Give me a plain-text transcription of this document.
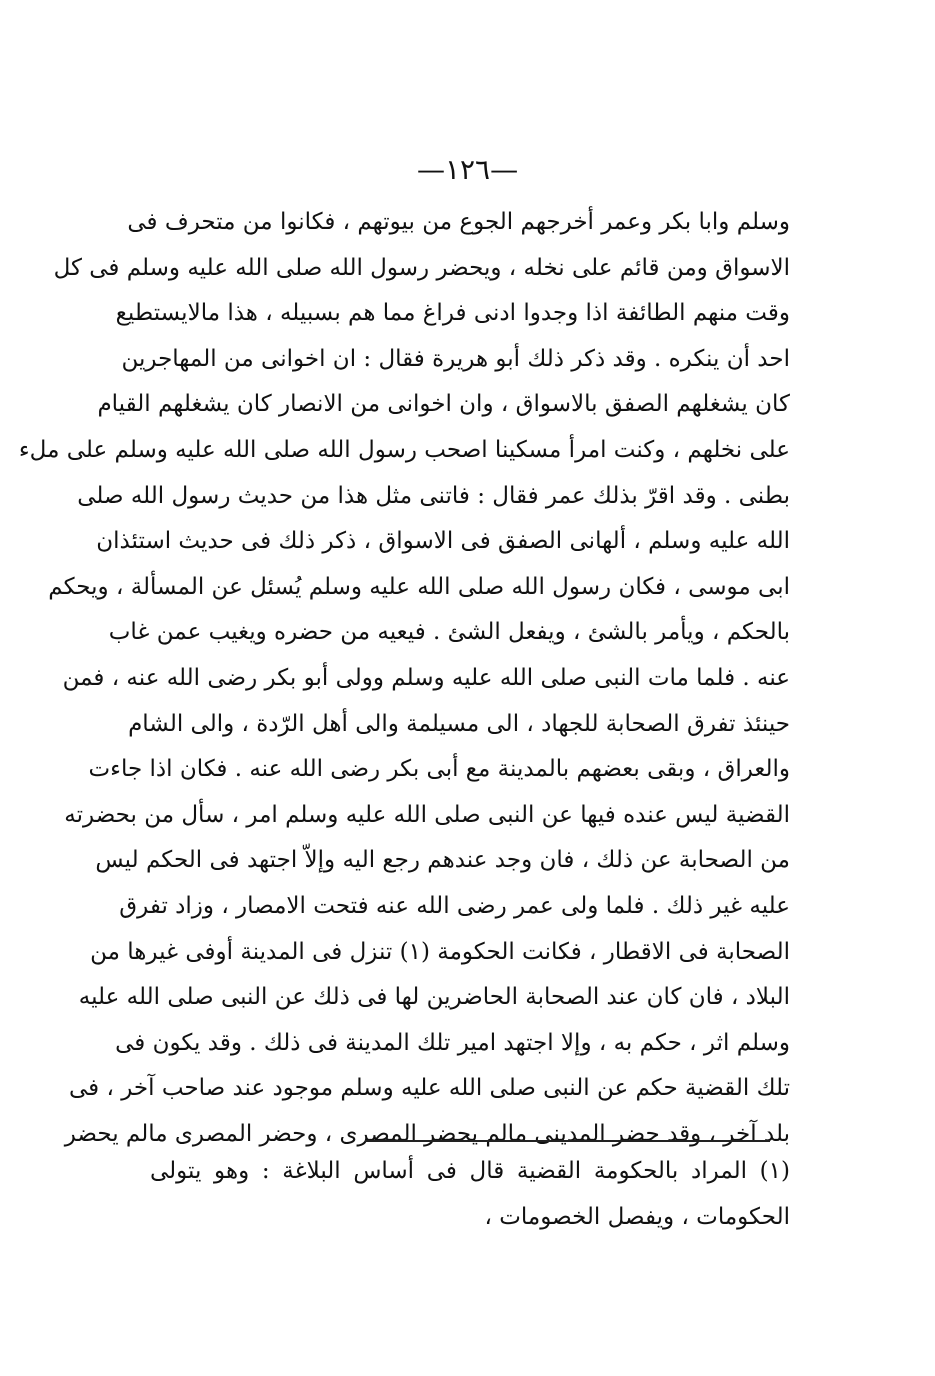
—١٢٦—
وسلم وابا بكر وعمر أخرجهم الجوع من بيوتهم ، فكانوا من متحرف فى
الاسواق ومن قائم على نخله ، ويحضر رسول الله صلى الله عليه وسلم فى كل
وقت منهم الطائفة اذا وجدوا ادنى فراغ مما هم بسبيله ، هذا مالايستطيع
احد أن ينكره . وقد ذكر ذلك أبو هريرة فقال : ان اخوانى من المهاجرين
كان يشغلهم الصفق بالاسواق ، وان اخوانى من الانصار كان يشغلهم القيام
على نخلهم ، وكنت امرأ مسكينا اصحب رسول الله صلى الله عليه وسلم على ملء
بطنى . وقد اقرّ بذلك عمر فقال : فاتنى مثل هذا من حديث رسول الله صلى
الله عليه وسلم ، ألهانى الصفق فى الاسواق ، ذكر ذلك فى حديث استئذان
ابى موسى ، فكان رسول الله صلى الله عليه وسلم يُسئل عن المسألة ، ويحكم
بالحكم ، ويأمر بالشئ ، ويفعل الشئ . فيعيه من حضره ويغيب عمن غاب
عنه . فلما مات النبى صلى الله عليه وسلم وولى أبو بكر رضى الله عنه ، فمن
حينئذ تفرق الصحابة للجهاد ، الى مسيلمة والى أهل الرّدة ، والى الشام
والعراق ، وبقى بعضهم بالمدينة مع أبى بكر رضى الله عنه . فكان اذا جاءت
القضية ليس عنده فيها عن النبى صلى الله عليه وسلم امر ، سأل من بحضرته
من الصحابة عن ذلك ، فان وجد عندهم رجع اليه وإلاّ اجتهد فى الحكم ليس
عليه غير ذلك . فلما ولى عمر رضى الله عنه فتحت الامصار ، وزاد تفرق
الصحابة فى الاقطار ، فكانت الحكومة (١) تنزل فى المدينة أوفى غيرها من
البلاد ، فان كان عند الصحابة الحاضرين لها فى ذلك عن النبى صلى الله عليه
وسلم اثر ، حكم به ، وإلا اجتهد امير تلك المدينة فى ذلك . وقد يكون فى
تلك القضية حكم عن النبى صلى الله عليه وسلم موجود عند صاحب آخر ، فى
بلد آخر ، وقد حضر المدينى مالم يحضر المصرى ، وحضر المصرى مالم يحضر
(١) المراد بالحكومة القضية قال فى أساس البلاغة : وهو يتولى
الحكومات ، ويفصل الخصومات ،
